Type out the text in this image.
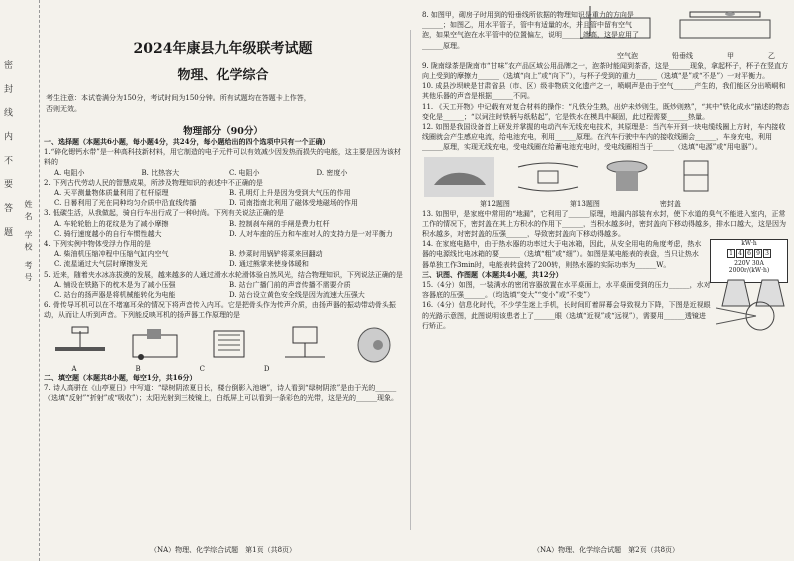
密 封 线 内 不 要 答 题
姓名 学校 考号
2024年康县九年级联考试题
物理、化学综合
考生注意：本试卷满分为150分，考试时间为150分钟。所有试题均在答题卡上作答，
否则无效。
物理部分（90分）
一、选择题（本题共6小题，每小题4分，共24分，每小题给出的四个选项中只有一个正确）
1.“碎化锶钙水带”是一种高科技新材料，用它制造的电子元件可以有效减少因发热而损失的电能，这主要是因为该材料的
A. 电阻小	B. 比热容大	C. 电阻小	D. 密度小
2. 下列古代劳动人民的智慧成果，所涉及物理知识的表述中不正确的是
A. 天平测量物体质量利用了杠杆原理	B. 孔明灯上升是因为受到大气压的作用
C. 日晷利用了光在同种均匀介质中沿直线传播	D. 司南指南北利用了磁体受地磁场的作用
3. 低碳生活，从我做起，骑自行车出行成了一种时尚。下列有关说法正确的是
A. 车轮轮胎上的花纹是为了减小摩擦	B. 控制刹车闸的手闸是费力杠杆
C. 骑行速度越小的自行车惯性越大	D. 人对车座的压力和车座对人的支持力是一对平衡力
4. 下列实例中物体受浮力作用的是
A. 柴油机压缩冲程中压缩气缸内空气	B. 炒菜时用锅铲将菜来回翻动
C. 流星通过大气层时摩擦发光	D. 通过熊掌来使身体暖和
5. 近来，随着夹水冰冻拔漠的发展，越来越多的人通过滑水水轮滑体验自然风光，结合物理知识，下列说法正确的是
A. 铺设在铁路下的枕木是为了减小压强	B. 站台广播门前的声音传播不需要介质
C. 站台的扬声器是将机械能转化为电能	D. 站台设立黄色安全线是因为流速大压强大
6. 骨传导耳机可以在不堵塞耳朵的情况下将声音传入内耳。它是把骨头作为传声介质，由扬声器的振动带动骨头振动，从而让人听到声音。下列能反映耳机的扬声器工作原理的是
A	B	C	D
二、填空题（本题共8小题，每空1分，共16分）
7. 诗人高骈在《山亭夏日》中写道：“绿树阴浓夏日长，楼台倒影入池塘”，诗人看到“绿树阴浓”是由于光的______（选填“反射”“折射”或“吸收”）；太阳光射到三棱镜上，白纸屏上可以看到一条彩色的光带，这是光的______现象。
（NA）物理、化学综合试题　第1页（共8页）
8. 如图甲，砌房子时用到的铅垂线所依据的物理知识是重力的方向是______；如图乙，用水平管子，管中有适量的水，并且管中留有空气泡，如果空气泡在水平管中的位置偏左，说明______端高，这是应用了______原理。
空气泡	铅垂线	甲	乙
9. 陇南绿茶是陇南市“甘味”农产品区域公用品牌之一，泡茶时能闻到茶香，这是______现象，拿起杯子，杯子在竖直方向上受到的摩擦力______（选填“向上”或“向下”），与杯子受到的重力______（选填“是”或“不是”）一对平衡力。
10. 成县沙坝峡是甘肃省县（市、区）级非物质文化遗产之一，喷峒声是由于空气______产生的，我们能区分出喷峒和其他乐器的声音是根据______不同。
11. 《天工开物》中记载有对复合材料的操作：“凡铁分生熟，出炉未炒则生，既炒则熟”，“其中”铁化成水“描述的物态变化是______；“以词注时铁柄与纸粘起”，它是铁水在模具中凝固，此过程需要______热量。
12. 如图是我国设备首上研发并掌握的电动汽车无线充电技术，其原理是：当汽车开到一块电缆线圈上方时，车内接收线圈就会产生感应电流，给电池充电，利用______原理。在汽车行驶中车内的接收线圈会______，车身充电，利用______原理，实现无线充电，受电线圈在给蓄电池充电时，受电线圈相当于______（选填“电源”或“用电器”）。
第12题图	第13题图	密封盖
13. 如图甲，是家庭中常用的“地漏”，它利用了______原理，地漏内部装有水封，使下水道的臭气不能进入室内，正常工作的情况下，密封盖在其上方积水的作用下______，当积水越多时，密封盖向下移动得越多，排水口越大，这是因为积水越多，对密封盖的压强______，导致密封盖向下移动得越多。
14. 在家庭电路中，由于热水器的功率过大于电冰箱，因此，从安全用电的角度考虑，热水器的电源线比电冰箱的要______（选填“粗”或“细”）。如图是某电能表的表盘，当只让热水器单独工作3min时，电能表转盘转了200转，则热水器的实际功率为______W。
kW·h
1 4 6 9 3
220V 30A
2000r/(kW·h)
三、识图、作图题（本题共4小题，共12分）
15.（4分）如图，一装满水的密闭容器放置在水平桌面上，水平桌面受到的压力______，水对容器底的压强______。（均选填“变大”“变小”或“不变”）
16.（4分）信息化时代，不少学生迷上手机，长时间盯着屏幕会导致视力下降，下图是近视眼的光路示意图，此图说明该患者上了______眼（选填“近视”或“远视”），需要用______透镜进行矫正。
（NA）物理、化学综合试题　第2页（共8页）
